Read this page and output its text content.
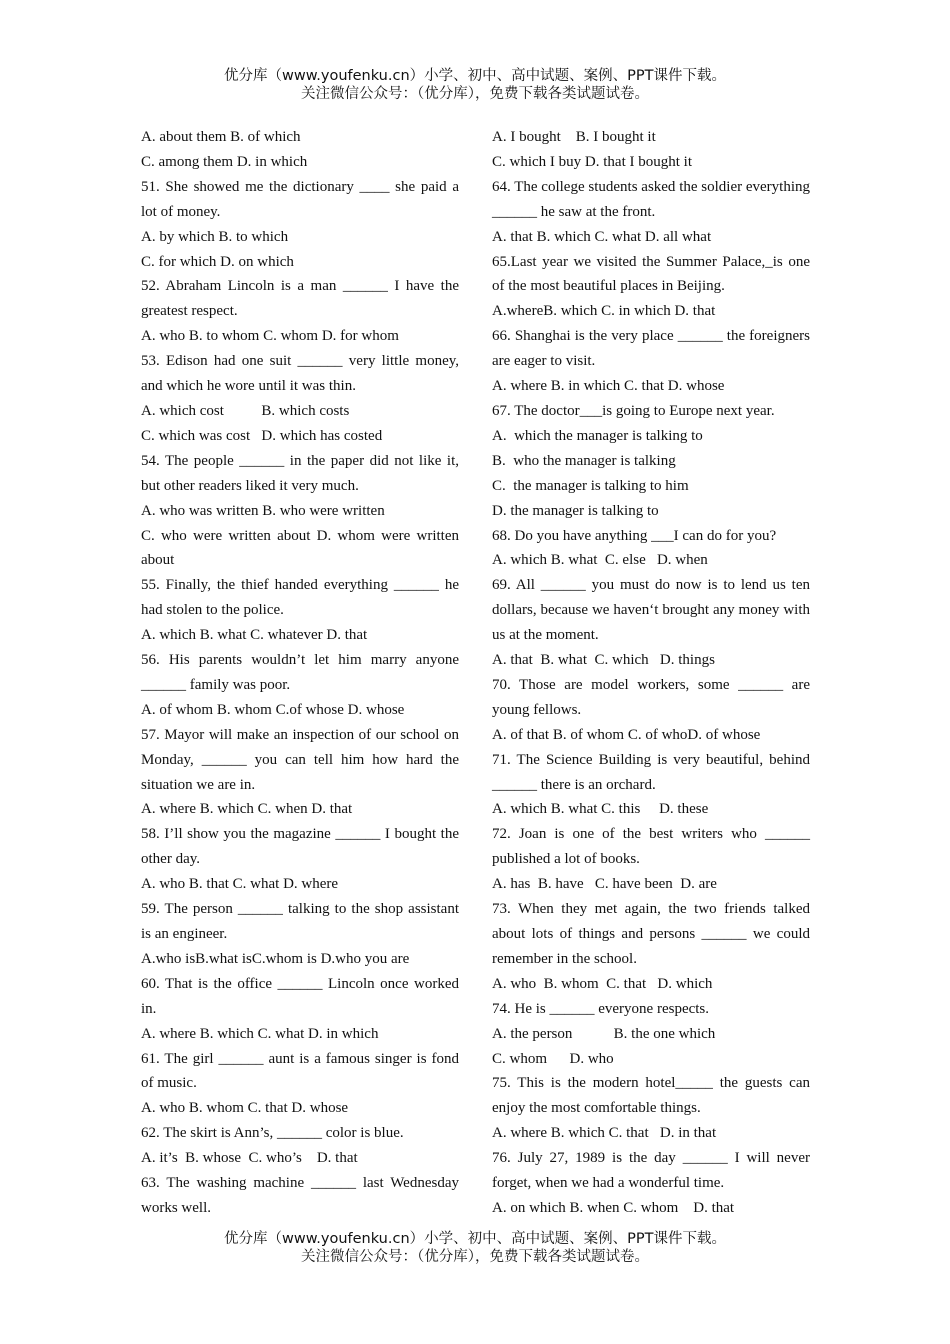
优分库（www.youfenku.cn）小学、初中、高中试题、案例、PPT课件下载。
关注微信公众号：（优分库），免费下载各类试题试卷。
A. about them B. of which
C. among them D. in which
51. She showed me the dictionary ____ she paid a lot of money.
A. by which B. to which
C. for which D. on which
52. Abraham Lincoln is a man ______ I have the greatest respect.
A. who B. to whom C. whom D. for whom
53. Edison had one suit ______ very little money, and which he wore until it was thin.
A. which cost          B. which costs
C. which was cost   D. which has costed
54. The people ______ in the paper did not like it, but other readers liked it very much.
A. who was written B. who were written
C. who were written about D. whom were written about
55. Finally, the thief handed everything ______ he had stolen to the police.
A. which B. what C. whatever D. that
56. His parents wouldn’t let him marry anyone ______ family was poor.
A. of whom B. whom C.of whose D. whose
57. Mayor will make an inspection of our school on Monday, ______ you can tell him how hard the situation we are in.
A. where B. which C. when D. that
58. I’ll show you the magazine ______ I bought the other day.
A. who B. that C. what D. where
59. The person ______ talking to the shop assistant is an engineer.
A.who isB.what isC.whom is D.who you are
60. That is the office ______ Lincoln once worked in.
A. where B. which C. what D. in which
61. The girl ______ aunt is a famous singer is fond of music.
A. who B. whom C. that D. whose
62. The skirt is Ann’s, ______ color is blue.
A. it’s  B. whose  C. who’s    D. that
63. The washing machine ______ last Wednesday works well.
A. I bought    B. I bought it
C. which I buy D. that I bought it
64. The college students asked the soldier everything ______ he saw at the front.
A. that B. which C. what D. all what
65.Last year we visited the Summer Palace,_is one of the most beautiful places in Beijing.
A.whereB. which C. in which D. that
66. Shanghai is the very place ______ the foreigners are eager to visit.
A. where B. in which C. that D. whose
67. The doctor___is going to Europe next year.
A.  which the manager is talking to
B.  who the manager is talking
C.  the manager is talking to him
D. the manager is talking to
68. Do you have anything ___I can do for you?
A. which B. what  C. else   D. when
69. All ______ you must do now is to lend us ten dollars, because we haven‘t brought any money with us at the moment.
A. that  B. what  C. which   D. things
70. Those are model workers, some ______ are young fellows.
A. of that B. of whom C. of whoD. of whose
71. The Science Building is very beautiful, behind ______ there is an orchard.
A. which B. what C. this     D. these
72. Joan is one of the best writers who ______ published a lot of books.
A. has  B. have   C. have been  D. are
73. When they met again, the two friends talked about lots of things and persons ______ we could remember in the school.
A. who  B. whom  C. that   D. which
74. He is ______ everyone respects.
A. the person           B. the one which
C. whom      D. who
75. This is the modern hotel_____ the guests can enjoy the most comfortable things.
A. where B. which C. that   D. in that
76. July 27, 1989 is the day ______ I will never forget, when we had a wonderful time.
A. on which B. when C. whom    D. that
优分库（www.youfenku.cn）小学、初中、高中试题、案例、PPT课件下载。
关注微信公众号：（优分库），免费下载各类试题试卷。
